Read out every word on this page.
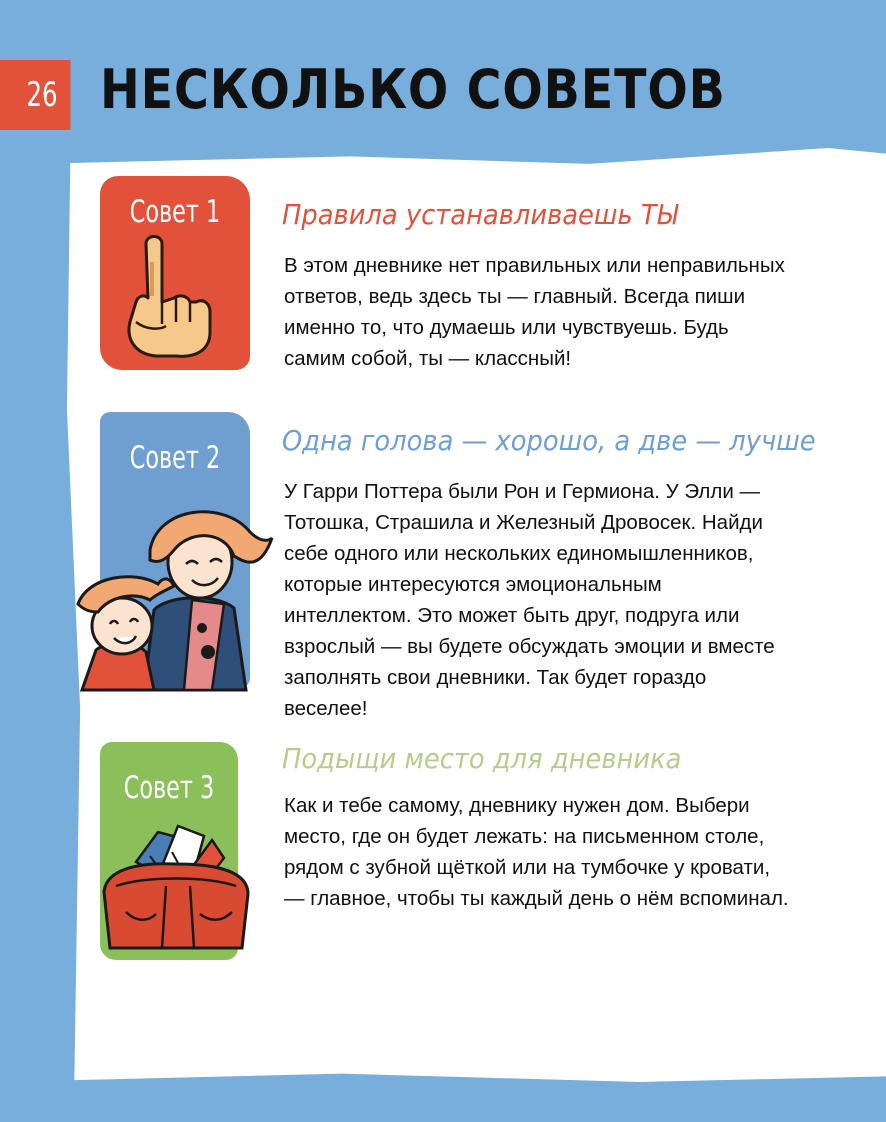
26 НЕСКОЛЬКО СОВЕТОВ
Совет 1	Правила устанавливаешь ТЫ
В этом дневнике нет правильных или неправильных ответов, ведь здесь ты — главный. Всегда пиши именно то, что думаешь или чувствуешь. Будь самим собой, ты — классный!
Совет 2	Одна голова — хорошо, а две — лучше
У Гарри Поттера были Рон и Гермиона. У Элли — Тотошка, Страшила и Железный Дровосек. Найди себе одного или нескольких единомышленников, которые интересуются эмоциональным интеллектом. Это может быть друг, подруга или взрослый — вы будете обсуждать эмоции и вместе заполнять свои дневники. Так будет гораздо веселее!
Совет 3
Подыщи место для дневника
Как и тебе самому, дневнику нужен дом. Выбери место, где он будет лежать: на письменном столе, рядом с зубной щёткой или на тумбочке у кровати, — главное, чтобы ты каждый день о нём вспоминал.
